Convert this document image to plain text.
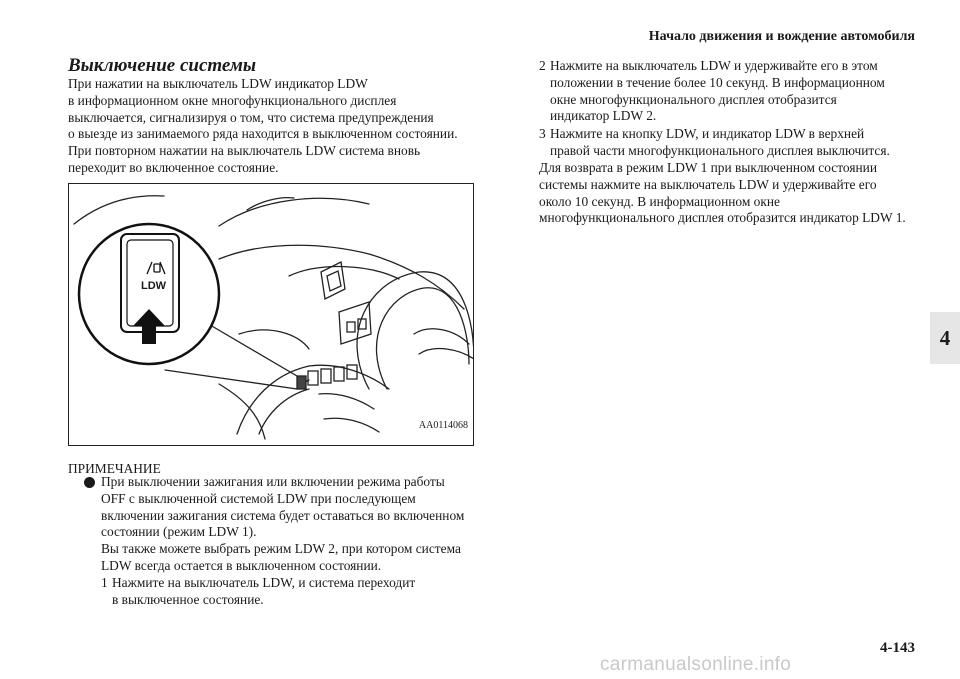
Начало движения и вождение автомобиля
4
Выключение системы
При нажатии на выключатель LDW индикатор LDW
в информационном окне многофункционального дисплея
выключается, сигнализируя о том, что система предупреждения
о выезде из занимаемого ряда находится в выключенном состоянии.
При повторном нажатии на выключатель LDW система вновь
переходит во включенное состояние.
LDW
AA0114068
ПРИМЕЧАНИЕ
При выключении зажигания или включении режима работы
OFF с выключенной системой LDW при последующем
включении зажигания система будет оставаться во включенном
состоянии (режим LDW 1).
Вы также можете выбрать режим LDW 2, при котором система
LDW всегда остается в выключенном состоянии.
1 Нажмите на выключатель LDW, и система переходит
в выключенное состояние.
2 Нажмите на выключатель LDW и удерживайте его в этом
положении в течение более 10 секунд. В информационном
окне многофункционального дисплея отобразится
индикатор LDW 2.
3 Нажмите на кнопку LDW, и индикатор LDW в верхней
правой части многофункционального дисплея выключится.
Для возврата в режим LDW 1 при выключенном состоянии
системы нажмите на выключатель LDW и удерживайте его
около 10 секунд. В информационном окне
многофункционального дисплея отобразится индикатор LDW 1.
4-143
carmanualsonline.info
